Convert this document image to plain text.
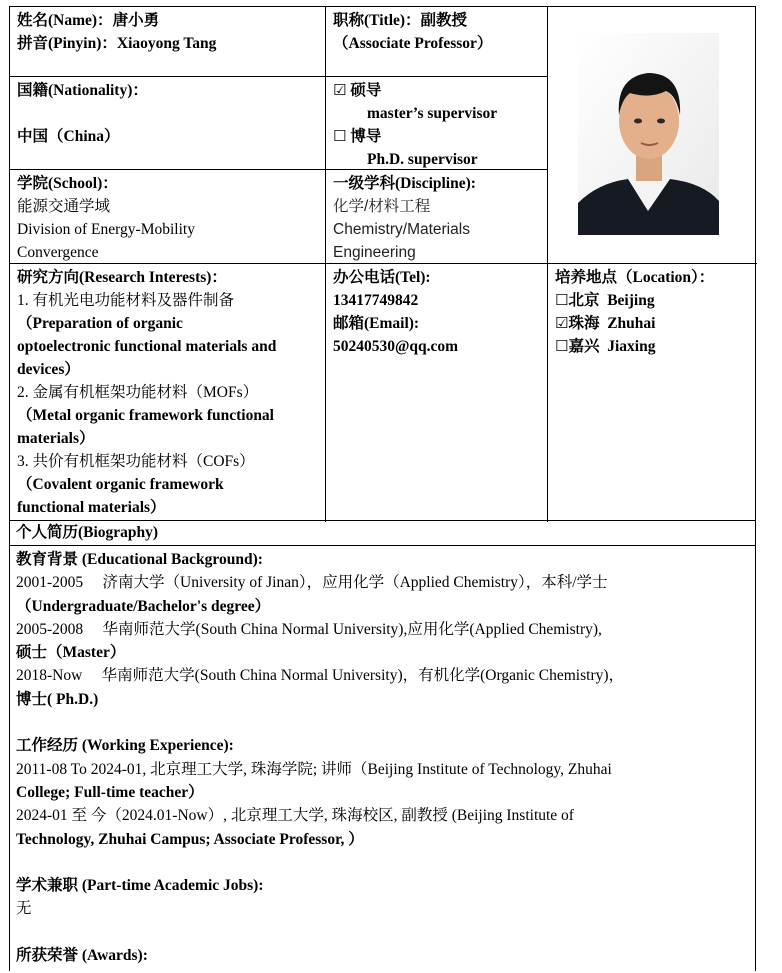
姓名(Name)：唐小勇
拼音(Pinyin)：Xiaoyong Tang
职称(Title)：副教授
（Associate Professor）
国籍(Nationality)：
中国（China）
☑ 硕导
master’s supervisor
☐ 博导
Ph.D. supervisor
学院(School)：
能源交通学域
Division of Energy-Mobility
Convergence
一级学科(Discipline):
化学/材料工程
Chemistry/Materials
Engineering
研究方向(Research Interests)：
1. 有机光电功能材料及器件制备
（Preparation of organic
optoelectronic functional materials and
devices）
2. 金属有机框架功能材料（MOFs）
（Metal organic framework functional
materials）
3. 共价有机框架功能材料（COFs）
（Covalent organic framework
functional materials）
办公电话(Tel):
13417749842
邮箱(Email):
50240530@qq.com
培养地点（Location）：
☐北京 Beijing
☑珠海 Zhuhai
☐嘉兴 Jiaxing
个人简历(Biography)
教育背景 (Educational Background):
2001-2005　 济南大学（University of Jinan），应用化学（Applied Chemistry），本科/学士
（Undergraduate/Bachelor's degree）
2005-2008　 华南师范大学(South China Normal University),应用化学(Applied Chemistry),
硕士（Master）
2018-Now　 华南师范大学(South China Normal University)，有机化学(Organic Chemistry)，
博士( Ph.D.)
工作经历 (Working Experience):
2011-08 To 2024-01, 北京理工大学, 珠海学院; 讲师（Beijing Institute of Technology, Zhuhai
College; Full-time teacher）
2024-01 至 今（2024.01-Now）, 北京理工大学, 珠海校区, 副教授 (Beijing Institute of
Technology, Zhuhai Campus; Associate Professor, ）
学术兼职 (Part-time Academic Jobs):
无
所获荣誉 (Awards):
